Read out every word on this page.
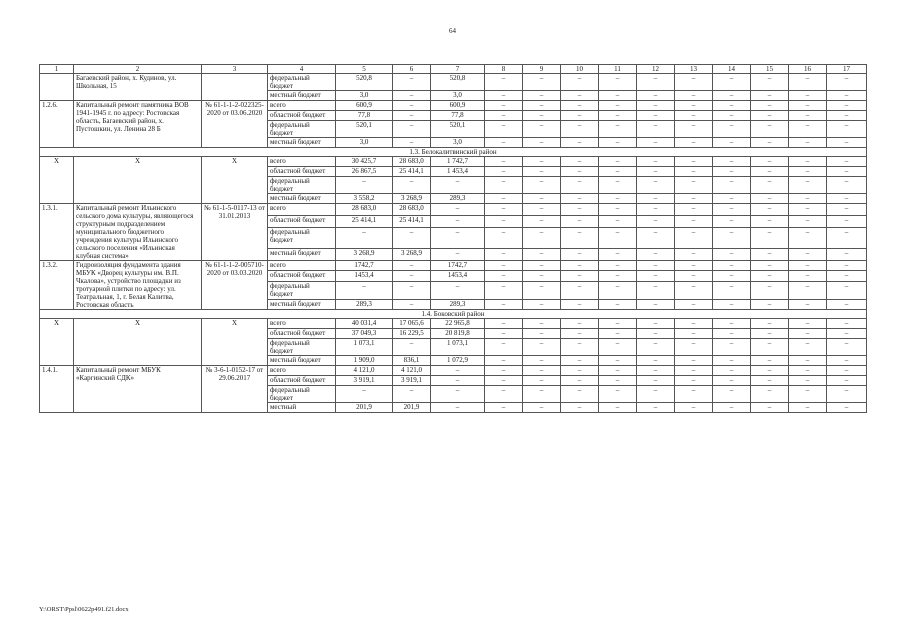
64
1	2	3	4	5	6	7	8	9	10	11	12	13	14	15	16	17
	Багаевский район, х. Кудинов, ул. Школьная, 15		федеральный бюджет	520,8	–	520,8	–	–	–	–	–	–	–	–	–	–
			местный бюджет	3,0	–	3,0	–	–	–	–	–	–	–	–	–	–
1.2.6.	Капитальный ремонт памятника ВОВ 1941-1945 г. по адресу: Ростовская область, Багаевский район, х. Пустошкин, ул. Ленина 28 Б	№ 61-1-1-2-022325-2020 от 03.06.2020	всего	600,9	–	600,9	–	–	–	–	–	–	–	–	–	–
			областной бюджет	77,8	–	77,8	–	–	–	–	–	–	–	–	–	–
			федеральный бюджет	520,1	–	520,1	–	–	–	–	–	–	–	–	–	–
			местный бюджет	3,0	–	3,0	–	–	–	–	–	–	–	–	–	–
1.3. Белокалитвинский район																
Х	Х	Х	всего	30 425,7	28 683,0	1 742,7	–	–	–	–	–	–	–	–	–	–
			областной бюджет	26 867,5	25 414,1	1 453,4	–	–	–	–	–	–	–	–	–	–
			федеральный бюджет	–	–	–	–	–	–	–	–	–	–	–	–	–
			местный бюджет	3 558,2	3 268,9	289,3	–	–	–	–	–	–	–	–	–	–
1.3.1.	Капитальный ремонт Ильинского сельского дома культуры, являющегося структурным подразделением муниципального бюджетного учреждения культуры Ильинского сельского поселения «Ильинская клубная система»	№ 61-1-5-0117-13 от 31.01.2013	всего	28 683,0	28 683,0	–	–	–	–	–	–	–	–	–	–	–
			областной бюджет	25 414,1	25 414,1	–	–	–	–	–	–	–	–	–	–	–
			федеральный бюджет	–	–	–	–	–	–	–	–	–	–	–	–	–
			местный бюджет	3 268,9	3 268,9	–	–	–	–	–	–	–	–	–	–	–
1.3.2.	Гидроизоляция фундамента здания МБУК «Дворец культуры им. В.П. Чкалова», устройство площадки из тротуарной плитки по адресу: ул. Театральная, 1, г. Белая Калитва, Ростовская область	№ 61-1-1-2-005710-2020 от 03.03.2020	всего	1742,7	–	1742,7	–	–	–	–	–	–	–	–	–	–
			областной бюджет	1453,4	–	1453,4	–	–	–	–	–	–	–	–	–	–
			федеральный бюджет	–	–	–	–	–	–	–	–	–	–	–	–	–
			местный бюджет	289,3	–	289,3	–	–	–	–	–	–	–	–	–	–
1.4. Боковский район																
Х	Х	Х	всего	40 031,4	17 065,6	22 965,8	–	–	–	–	–	–	–	–	–	–
			областной бюджет	37 049,3	16 229,5	20 819,8	–	–	–	–	–	–	–	–	–	–
			федеральный бюджет	1 073,1	–	1 073,1	–	–	–	–	–	–	–	–	–	–
			местный бюджет	1 909,0	836,1	1 072,9	–	–	–	–	–	–	–	–	–	–
1.4.1.	Капитальный ремонт МБУК «Каргинский СДК»	№ 3-6-1-0152-17 от 29.06.2017	всего	4 121,0	4 121,0	–	–	–	–	–	–	–	–	–	–	–
			областной бюджет	3 919,1	3 919,1	–	–	–	–	–	–	–	–	–	–	–
			федеральный бюджет	–	–	–	–	–	–	–	–	–	–	–	–	–
			местный	201,9	201,9	–	–	–	–	–	–	–	–	–	–	–
Y:\ORST\Ppsl\0622p491.f21.docx
